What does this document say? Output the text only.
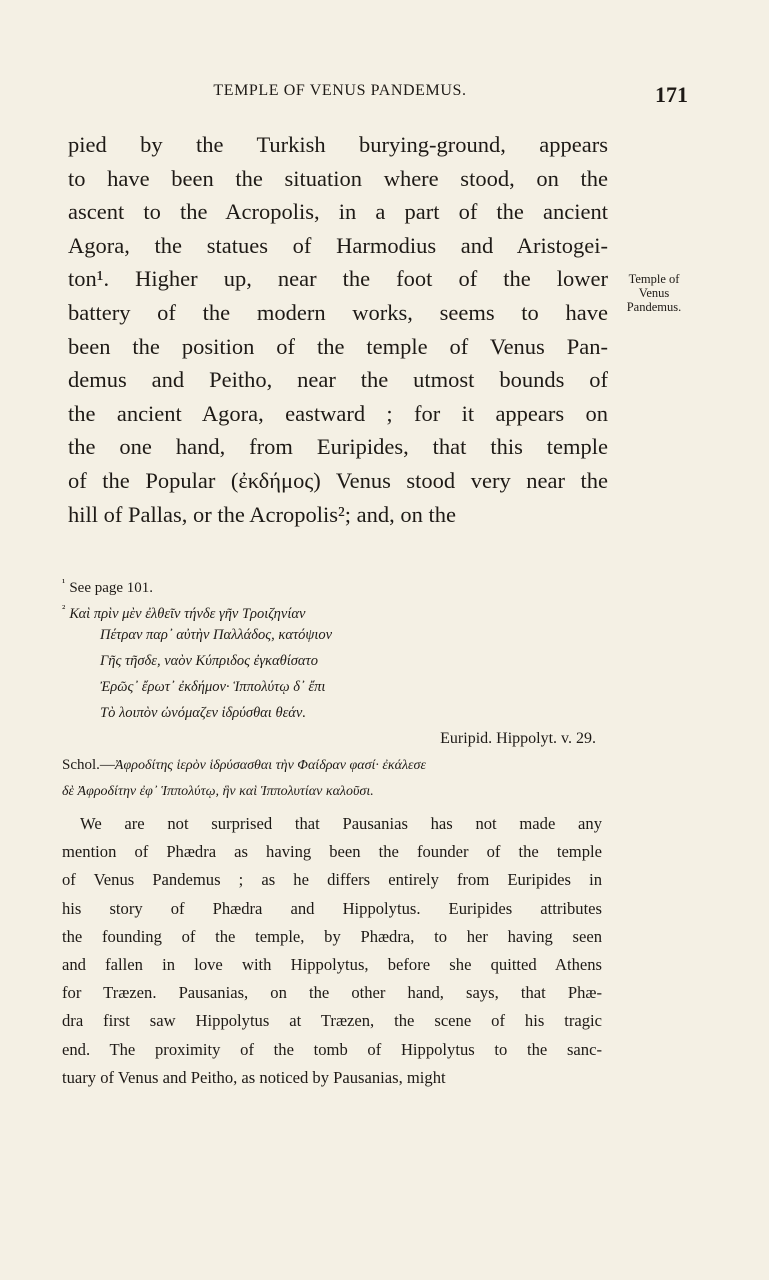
TEMPLE OF VENUS PANDEMUS.	171
pied by the Turkish burying-ground, appears
to have been the situation where stood, on the
ascent to the Acropolis, in a part of the ancient
Agora, the statues of Harmodius and Aristogei-
ton¹. Higher up, near the foot of the lower
battery of the modern works, seems to have
been the position of the temple of Venus Pan-
demus and Peitho, near the utmost bounds of
the ancient Agora, eastward ; for it appears on
the one hand, from Euripides, that this temple
of the Popular (ἐκδήμος) Venus stood very near the
hill of Pallas, or the Acropolis²; and, on the
Temple of
Venus
Pandemus.
$^{^1}$ See page 101.
$^{^2}$ Καὶ πρὶν μὲν ἐλθεῖν τήνδε γῆν Τροιζηνίαν
Πέτραν παρ᾽ αὐτὴν Παλλάδος, κατόψιον
Γῆς τῆσδε, ναὸν Κύπριδος ἐγκαθίσατο
Ἐρῶς᾽ ἔρωτ᾽ ἐκδήμον· Ἱππολύτῳ δ᾽ ἔπι
Τὸ λοιπὸν ὠνόμαζεν ἱδρύσθαι θεάν.
Euripid. Hippolyt. v. 29.
Schol.—Ἀφροδίτης ἱερὸν ἱδρύσασθαι τὴν Φαίδραν φασί· ἐκάλεσε
δὲ Ἀφροδίτην ἐφ᾽ Ἱππολύτῳ, ἣν καὶ Ἱππολυτίαν καλοῦσι.
We are not surprised that Pausanias has not made any
mention of Phædra as having been the founder of the temple
of Venus Pandemus ; as he differs entirely from Euripides in
his story of Phædra and Hippolytus. Euripides attributes
the founding of the temple, by Phædra, to her having seen
and fallen in love with Hippolytus, before she quitted Athens
for Træzen. Pausanias, on the other hand, says, that Phæ-
dra first saw Hippolytus at Træzen, the scene of his tragic
end. The proximity of the tomb of Hippolytus to the sanc-
tuary of Venus and Peitho, as noticed by Pausanias, might
